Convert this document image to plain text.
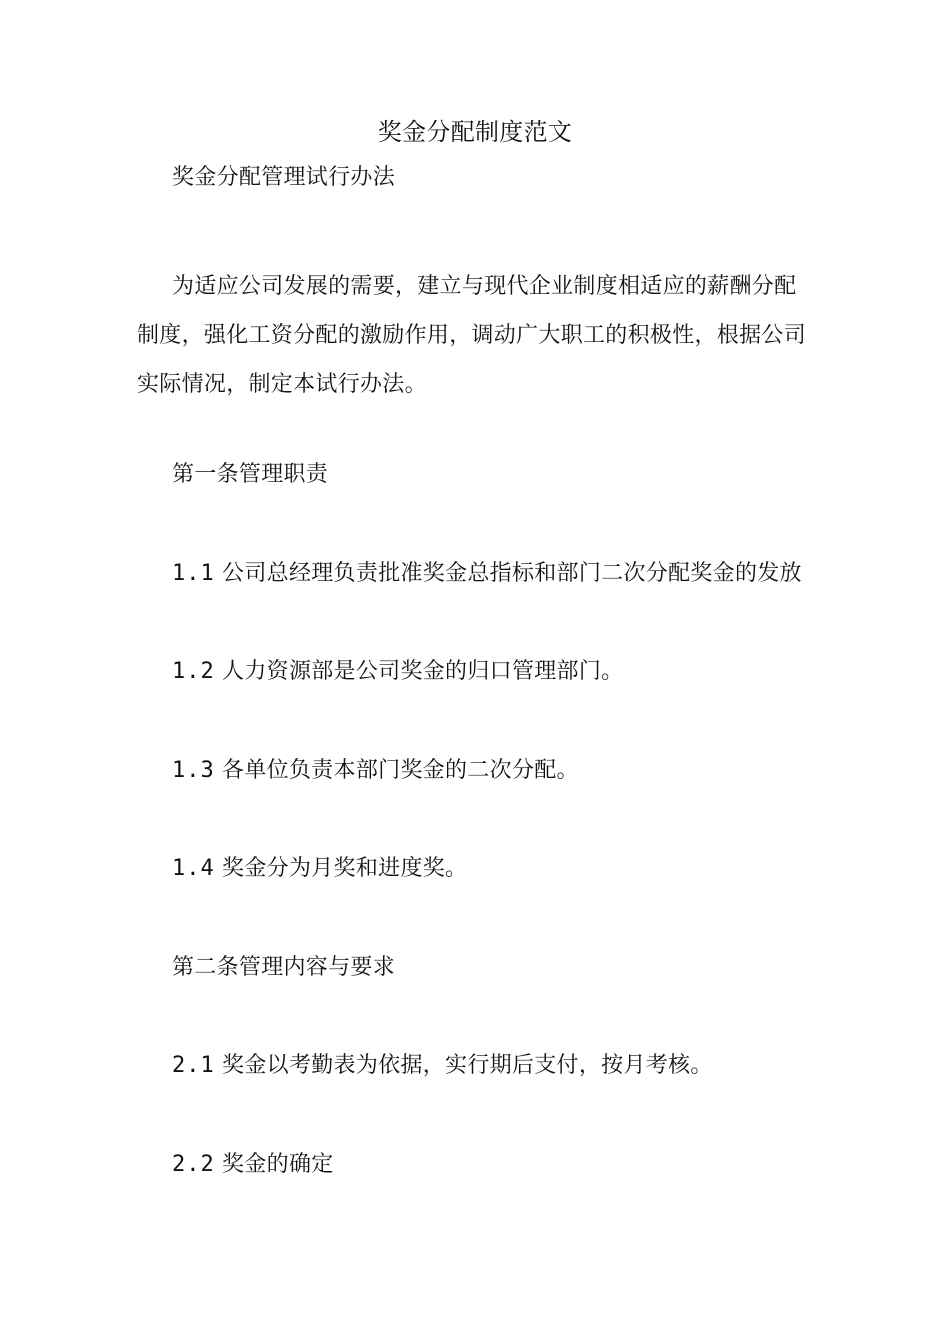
奖金分配制度范文
奖金分配管理试行办法
为适应公司发展的需要，建立与现代企业制度相适应的薪酬分配制度，强化工资分配的激励作用，调动广大职工的积极性，根据公司实际情况，制定本试行办法。
第一条管理职责
1.1 公司总经理负责批准奖金总指标和部门二次分配奖金的发放
1.2 人力资源部是公司奖金的归口管理部门。
1.3 各单位负责本部门奖金的二次分配。
1.4 奖金分为月奖和进度奖。
第二条管理内容与要求
2.1 奖金以考勤表为依据，实行期后支付，按月考核。
2.2 奖金的确定
